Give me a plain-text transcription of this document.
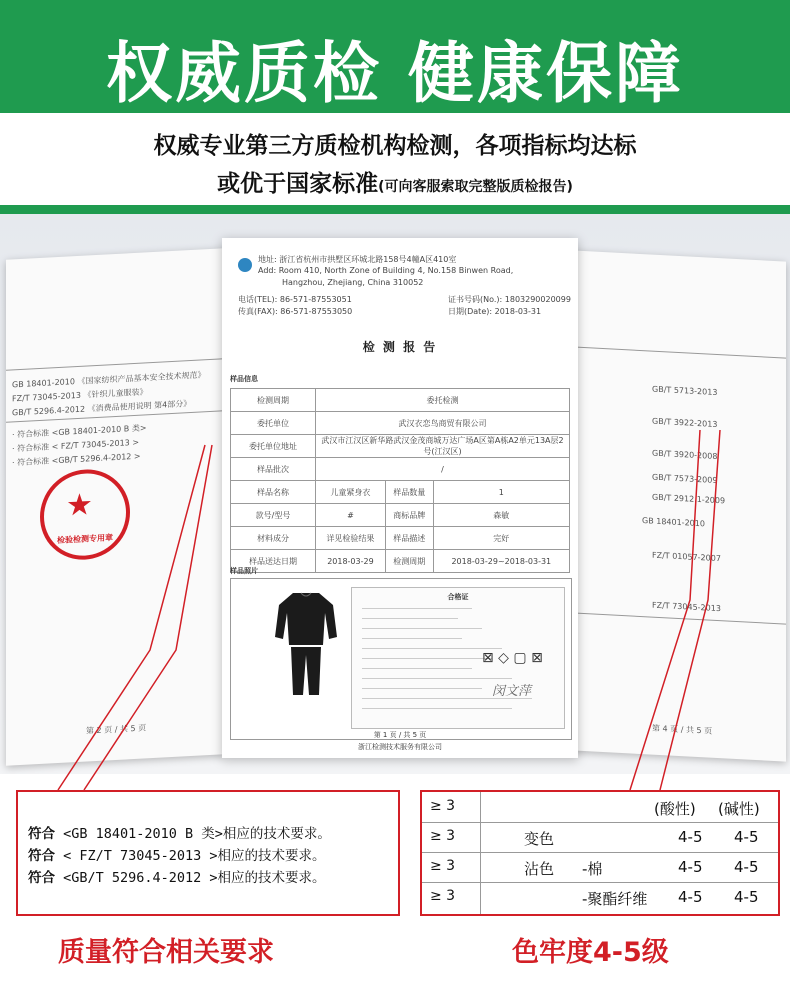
权威质检 健康保障
权威专业第三方质检机构检测，各项指标均达标
或优于国家标准(可向客服索取完整版质检报告)
GB 18401-2010 《国家纺织产品基本安全技术规范》
FZ/T 73045-2013 《针织儿童服装》
GB/T 5296.4-2012 《消费品使用说明 第4部分》
· 符合标准 <GB 18401-2010 B 类>
· 符合标准 < FZ/T 73045-2013 >
· 符合标准 <GB/T 5296.4-2012 >
★
检验检测专用章
第 2 页 / 共 5 页
GB/T 5713-2013
GB/T 3922-2013
GB/T 3920-2008
GB/T 7573-2009
GB/T 2912.1-2009
GB 18401-2010
FZ/T 01057-2007
FZ/T 73045-2013
第 4 页 / 共 5 页
地址: 浙江省杭州市拱墅区环城北路158号4幢A区410室
Add: Room 410, North Zone of Building 4, No.158 Binwen Road,
Hangzhou, Zhejiang, China 310052
电话(TEL): 86-571-87553051
传真(FAX): 86-571-87553050
证书号码(No.): 1803290020099
日期(Date): 2018-03-31
检 测 报 告
样品信息
检测周期	委托检测		
委托单位	武汉衣恋鸟商贸有限公司		
委托单位地址	武汉市江汉区新华路武汉金茂商城万达广场A区第A栋A2单元13A层2号(江汉区)		
样品批次	/		
样品名称	儿童紧身衣	样品数量	1
款号/型号	#	商标品牌	森敏
材料成分	详见检验结果	样品描述	完好
样品送达日期	2018-03-29	检测周期	2018-03-29~2018-03-31
样品照片
合格证
⊠ ◇ ▢ ⊠
闵文萍
第 1 页 / 共 5 页
浙江检测技术服务有限公司
符合 <GB 18401-2010 B 类>相应的技术要求。
符合 < FZ/T 73045-2013 >相应的技术要求。
符合 <GB/T 5296.4-2012 >相应的技术要求。
≥ 3	(酸性) (碱性)
≥ 3	变色	4-5 4-5
≥ 3	沾色 -棉	4-5 4-5
≥ 3	-聚酯纤维 4-5 4-5
质量符合相关要求	色牢度4-5级
